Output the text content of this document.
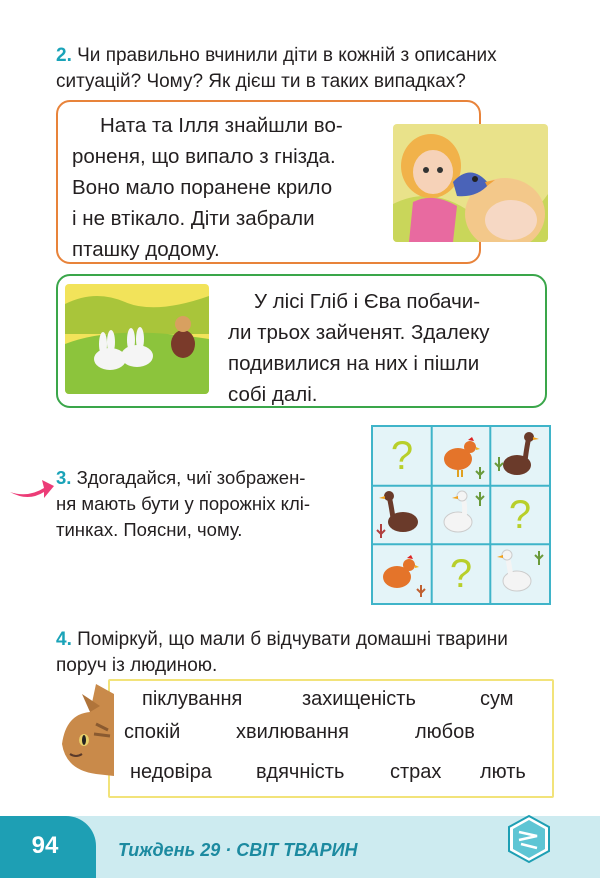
2. Чи правильно вчинили діти в кожній з описаних
ситуацій? Чому? Як дієш ти в таких випадках?
Ната та Ілля знайшли во-
роненя, що випало з гнізда.
Воно мало поранене крило
і не втікало. Діти забрали
пташку додому.
У лісі Гліб і Єва побачи-
ли трьох зайченят. Здалеку
подивилися на них і пішли
собі далі.
3. Здогадайся, чиї зображен-
ня мають бути у порожніх клі-
тинках. Поясни, чому.
?
?
?
4. Поміркуй, що мали б відчувати домашні тварини
поруч із людиною.
піклування	захищеність	сум
спокій	хвилювання	любов
недовіра вдячність страх лють
94	Тиждень 29 · СВІТ ТВАРИН
